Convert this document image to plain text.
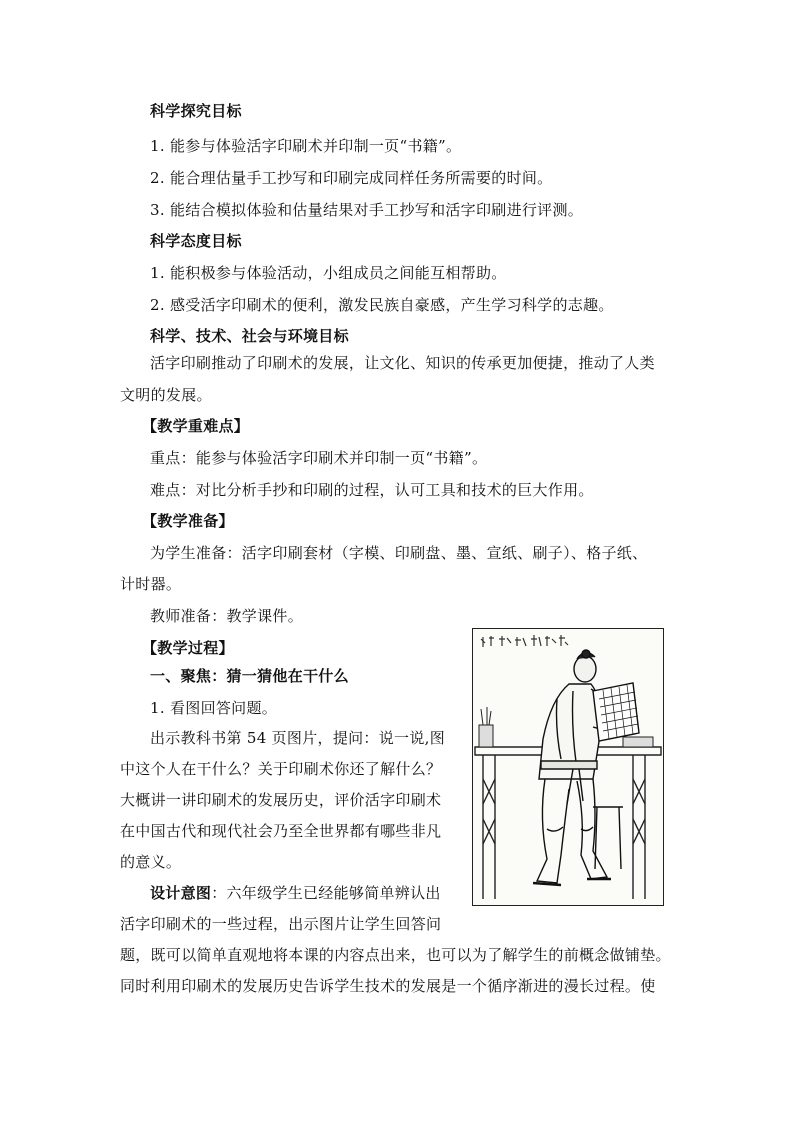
科学探究目标
1. 能参与体验活字印刷术并印制一页“书籍”。
2. 能合理估量手工抄写和印刷完成同样任务所需要的时间。
3. 能结合模拟体验和估量结果对手工抄写和活字印刷进行评测。
科学态度目标
1. 能积极参与体验活动，小组成员之间能互相帮助。
2. 感受活字印刷术的便利，激发民族自豪感，产生学习科学的志趣。
科学、技术、社会与环境目标
活字印刷推动了印刷术的发展，让文化、知识的传承更加便捷，推动了人类
文明的发展。
【教学重难点】
重点：能参与体验活字印刷术并印制一页“书籍”。
难点：对比分析手抄和印刷的过程，认可工具和技术的巨大作用。
【教学准备】
为学生准备：活字印刷套材（字模、印刷盘、墨、宣纸、刷子）、格子纸、
计时器。
教师准备：教学课件。
【教学过程】
一、聚焦：猜一猜他在干什么
1. 看图回答问题。
出示教科书第 54 页图片，提问：说一说,图
中这个人在干什么？关于印刷术你还了解什么？
大概讲一讲印刷术的发展历史，评价活字印刷术
在中国古代和现代社会乃至全世界都有哪些非凡
的意义。
设计意图：六年级学生已经能够简单辨认出
活字印刷术的一些过程，出示图片让学生回答问
题，既可以简单直观地将本课的内容点出来，也可以为了解学生的前概念做铺垫。
同时利用印刷术的发展历史告诉学生技术的发展是一个循序渐进的漫长过程。使
